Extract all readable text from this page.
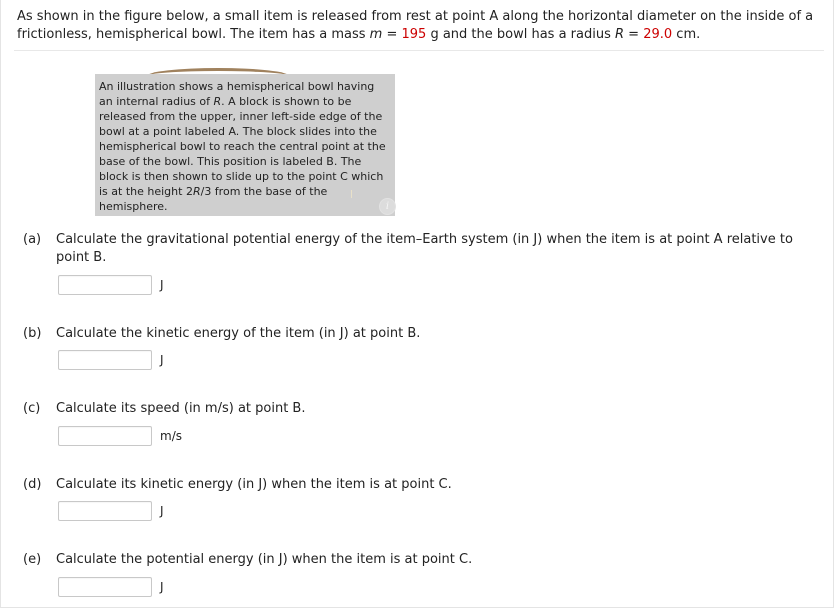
As shown in the figure below, a small item is released from rest at point A along the horizontal diameter on the inside of a frictionless, hemispherical bowl. The item has a mass m = 195 g and the bowl has a radius R = 29.0 cm.

An illustration shows a hemispherical bowl having an internal radius of R. A block is shown to be released from the upper, inner left-side edge of the bowl at a point labeled A. The block slides into the hemispherical bowl to reach the central point at the base of the bowl. This position is labeled B. The block is then shown to slide up to the point C which is at the height 2R/3 from the base of the hemisphere.	i
(a)	Calculate the gravitational potential energy of the item–Earth system (in J) when the item is at point A relative to point B.
J
(b)	Calculate the kinetic energy of the item (in J) at point B.
J
(c)	Calculate its speed (in m/s) at point B.
m/s
(d)	Calculate its kinetic energy (in J) when the item is at point C.
J
(e)	Calculate the potential energy (in J) when the item is at point C.
J
